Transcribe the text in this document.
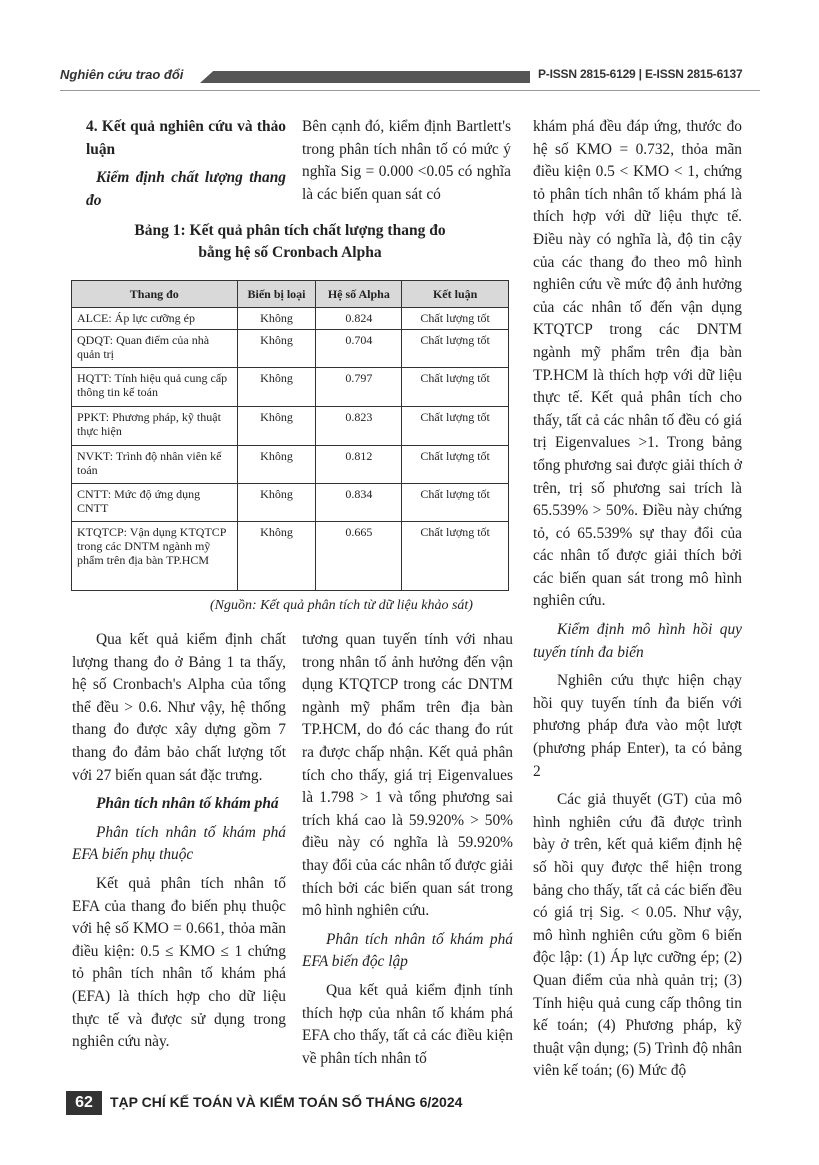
Nghiên cứu trao đổi	P-ISSN 2815-6129 | E-ISSN 2815-6137

4. Kết quả nghiên cứu và thảo luận

Kiểm định chất lượng thang đo

Bên cạnh đó, kiểm định Bartlett's trong phân tích nhân tố có mức ý nghĩa Sig = 0.000 <0.05 có nghĩa là các biến quan sát có

Bảng 1: Kết quả phân tích chất lượng thang đo
bằng hệ số Cronbach Alpha
Thang đo	Biến bị loại	Hệ số Alpha	Kết luận
ALCE: Áp lực cưỡng ép	Không	0.824	Chất lượng tốt
QDQT: Quan điểm của nhà quản trị	Không	0.704	Chất lượng tốt
HQTT: Tính hiệu quả cung cấp thông tin kế toán	Không	0.797	Chất lượng tốt
PPKT: Phương pháp, kỹ thuật thực hiện	Không	0.823	Chất lượng tốt
NVKT: Trình độ nhân viên kế toán	Không	0.812	Chất lượng tốt
CNTT: Mức độ ứng dụng CNTT	Không	0.834	Chất lượng tốt
KTQTCP: Vận dụng KTQTCP trong các DNTM ngành mỹ phẩm trên địa bàn TP.HCM	Không	0.665	Chất lượng tốt
(Nguồn: Kết quả phân tích từ dữ liệu khảo sát)

Qua kết quả kiểm định chất lượng thang đo ở Bảng 1 ta thấy, hệ số Cronbach's Alpha của tổng thể đều > 0.6. Như vậy, hệ thống thang đo được xây dựng gồm 7 thang đo đảm bảo chất lượng tốt với 27 biến quan sát đặc trưng.

Phân tích nhân tố khám phá

Phân tích nhân tố khám phá EFA biến phụ thuộc

Kết quả phân tích nhân tố EFA của thang đo biến phụ thuộc với hệ số KMO = 0.661, thỏa mãn điều kiện: 0.5 ≤ KMO ≤ 1 chứng tỏ phân tích nhân tố khám phá (EFA) là thích hợp cho dữ liệu thực tế và được sử dụng trong nghiên cứu này.

tương quan tuyến tính với nhau trong nhân tố ảnh hưởng đến vận dụng KTQTCP trong các DNTM ngành mỹ phẩm trên địa bàn TP.HCM, do đó các thang đo rút ra được chấp nhận. Kết quả phân tích cho thấy, giá trị Eigenvalues là 1.798 > 1 và tổng phương sai trích khá cao là 59.920% > 50% điều này có nghĩa là 59.920% thay đổi của các nhân tố được giải thích bởi các biến quan sát trong mô hình nghiên cứu.

Phân tích nhân tố khám phá EFA biến độc lập

Qua kết quả kiểm định tính thích hợp của nhân tố khám phá EFA cho thấy, tất cả các điều kiện về phân tích nhân tố

khám phá đều đáp ứng, thước đo hệ số KMO = 0.732, thỏa mãn điều kiện 0.5 < KMO < 1, chứng tỏ phân tích nhân tố khám phá là thích hợp với dữ liệu thực tế. Điều này có nghĩa là, độ tin cậy của các thang đo theo mô hình nghiên cứu về mức độ ảnh hưởng của các nhân tố đến vận dụng KTQTCP trong các DNTM ngành mỹ phẩm trên địa bàn TP.HCM là thích hợp với dữ liệu thực tế. Kết quả phân tích cho thấy, tất cả các nhân tố đều có giá trị Eigenvalues >1. Trong bảng tổng phương sai được giải thích ở trên, trị số phương sai trích là 65.539% > 50%. Điều này chứng tỏ, có 65.539% sự thay đổi của các nhân tố được giải thích bởi các biến quan sát trong mô hình nghiên cứu.

Kiểm định mô hình hồi quy tuyến tính đa biến

Nghiên cứu thực hiện chạy hồi quy tuyến tính đa biến với phương pháp đưa vào một lượt (phương pháp Enter), ta có bảng 2

Các giả thuyết (GT) của mô hình nghiên cứu đã được trình bày ở trên, kết quả kiểm định hệ số hồi quy được thể hiện trong bảng cho thấy, tất cả các biến đều có giá trị Sig. < 0.05. Như vậy, mô hình nghiên cứu gồm 6 biến độc lập: (1) Áp lực cưỡng ép; (2) Quan điểm của nhà quản trị; (3) Tính hiệu quả cung cấp thông tin kế toán; (4) Phương pháp, kỹ thuật vận dụng; (5) Trình độ nhân viên kế toán; (6) Mức độ

62	TẠP CHÍ KẾ TOÁN VÀ KIỂM TOÁN SỐ THÁNG 6/2024
